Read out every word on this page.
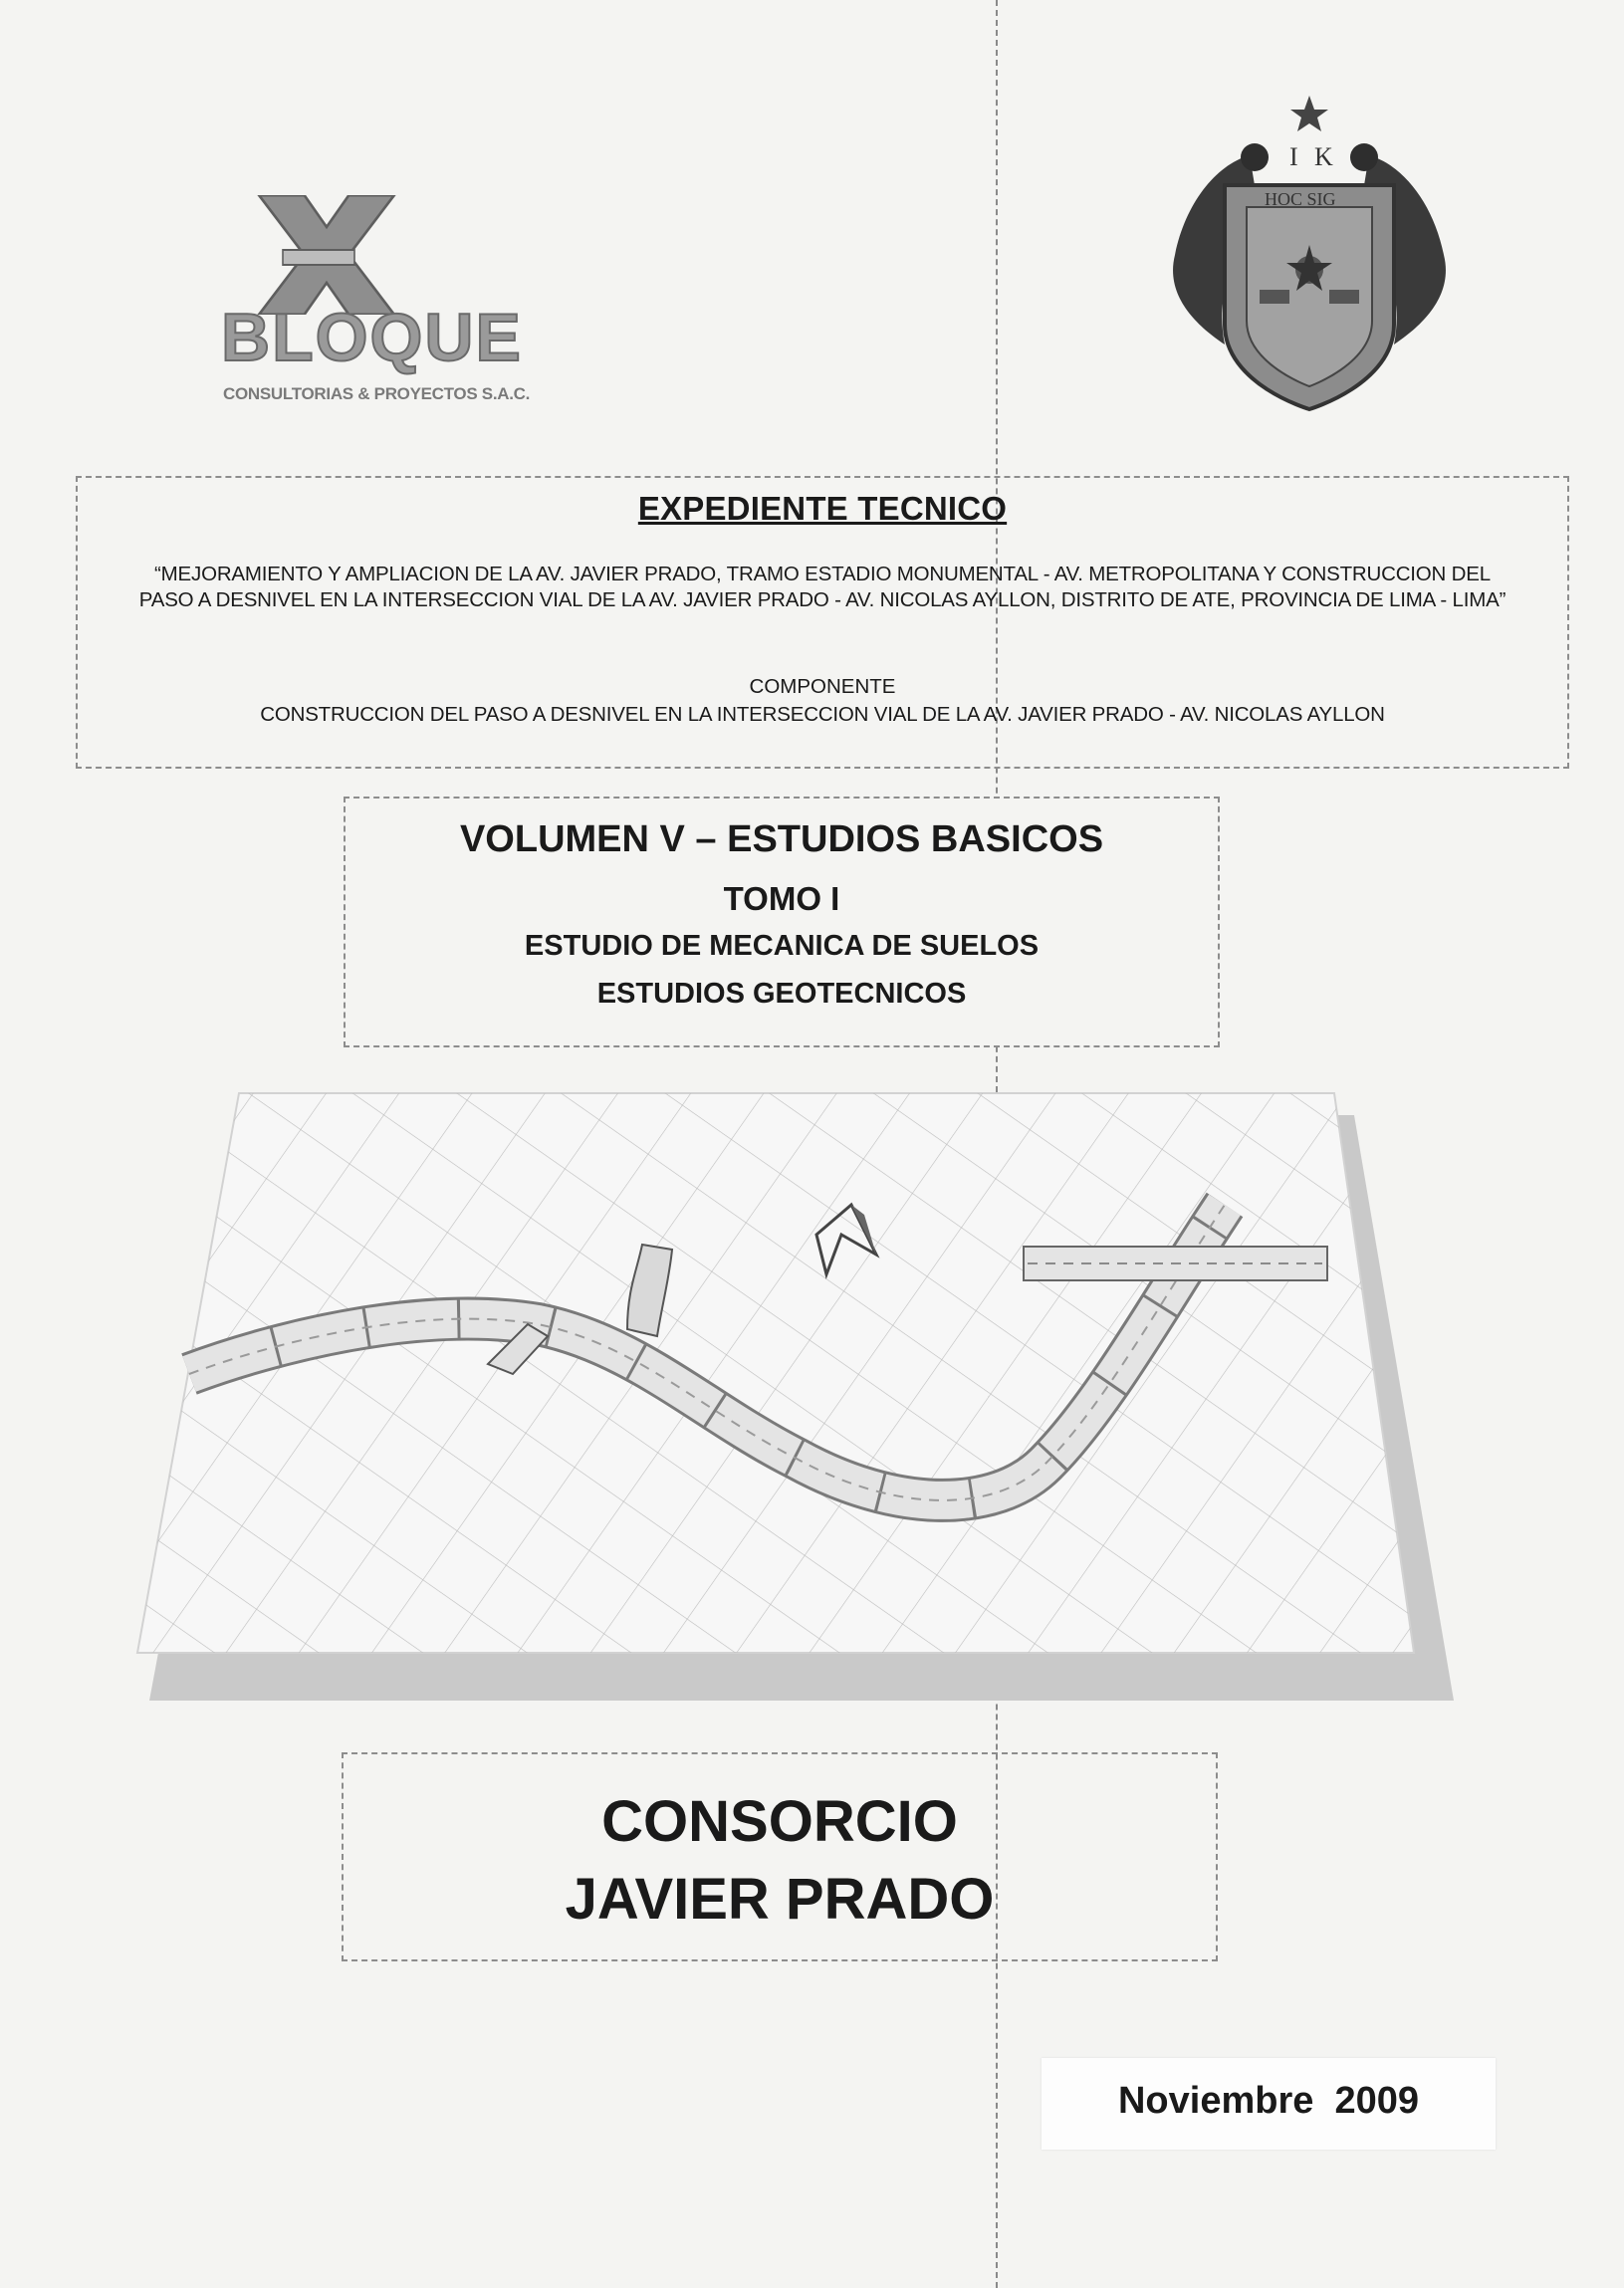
BLOQUE
CONSULTORIAS & PROYECTOS S.A.C.
I K
HOC SIG
EXPEDIENTE TECNICO
“MEJORAMIENTO Y AMPLIACION DE LA AV. JAVIER PRADO, TRAMO ESTADIO MONUMENTAL - AV. METROPOLITANA Y CONSTRUCCION DEL PASO A DESNIVEL EN LA INTERSECCION VIAL DE LA AV. JAVIER PRADO - AV. NICOLAS AYLLON, DISTRITO DE ATE, PROVINCIA DE LIMA - LIMA”
COMPONENTE
CONSTRUCCION DEL PASO A DESNIVEL EN LA INTERSECCION VIAL DE LA AV. JAVIER PRADO - AV. NICOLAS AYLLON
VOLUMEN V – ESTUDIOS BASICOS
TOMO I
ESTUDIO DE MECANICA DE SUELOS
ESTUDIOS GEOTECNICOS
CONSORCIO
JAVIER PRADO
Noviembre  2009
